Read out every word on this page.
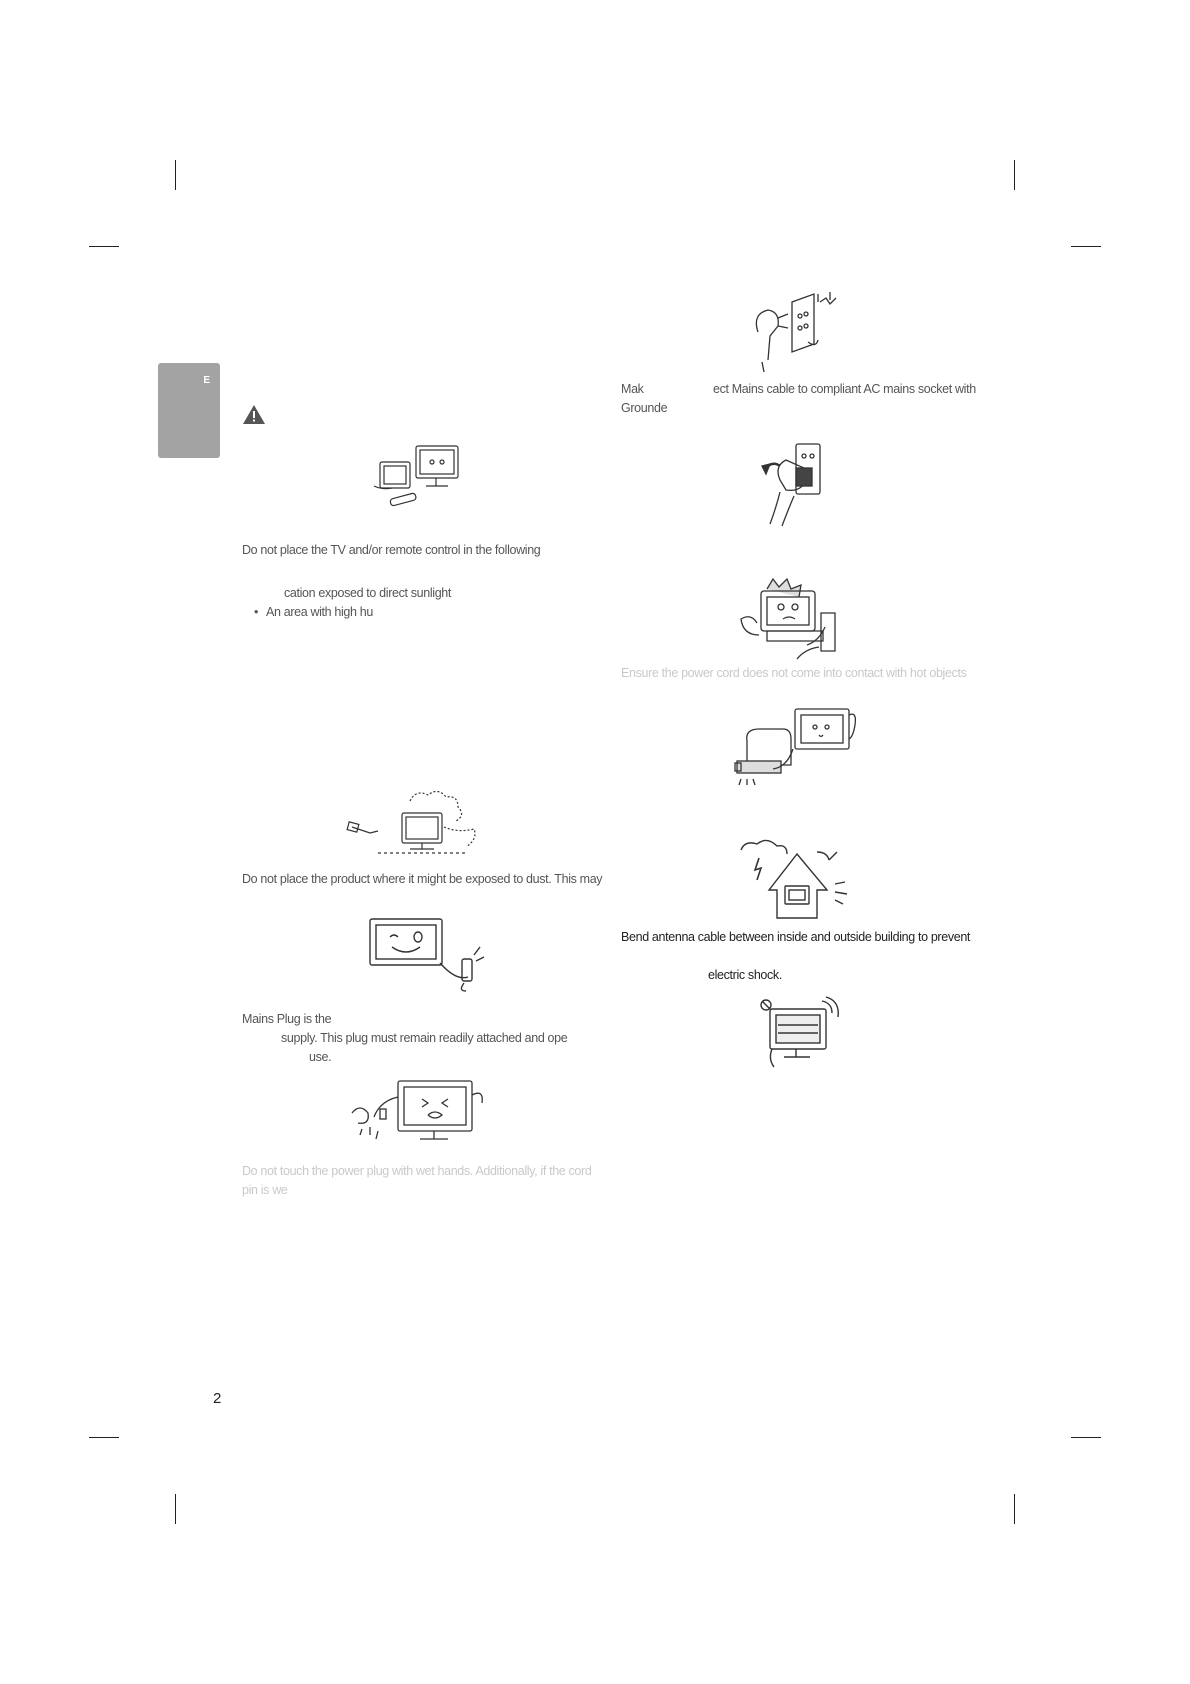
E
Do not place the TV and/or remote control in the following
cation exposed to direct sunlight
• An area with high hu
Do not place the product where it might be exposed to dust. This may
Mains Plug is the
supply. This plug must remain readily attached and ope
use.
Do not touch the power plug with wet hands. Additionally, if the cord
pin is we
Mak	ect Mains cable to compliant AC mains socket with
Grounde
Ensure the power cord does not come into contact with hot objects
Bend antenna cable between inside and outside building to prevent
electric shock.
2
